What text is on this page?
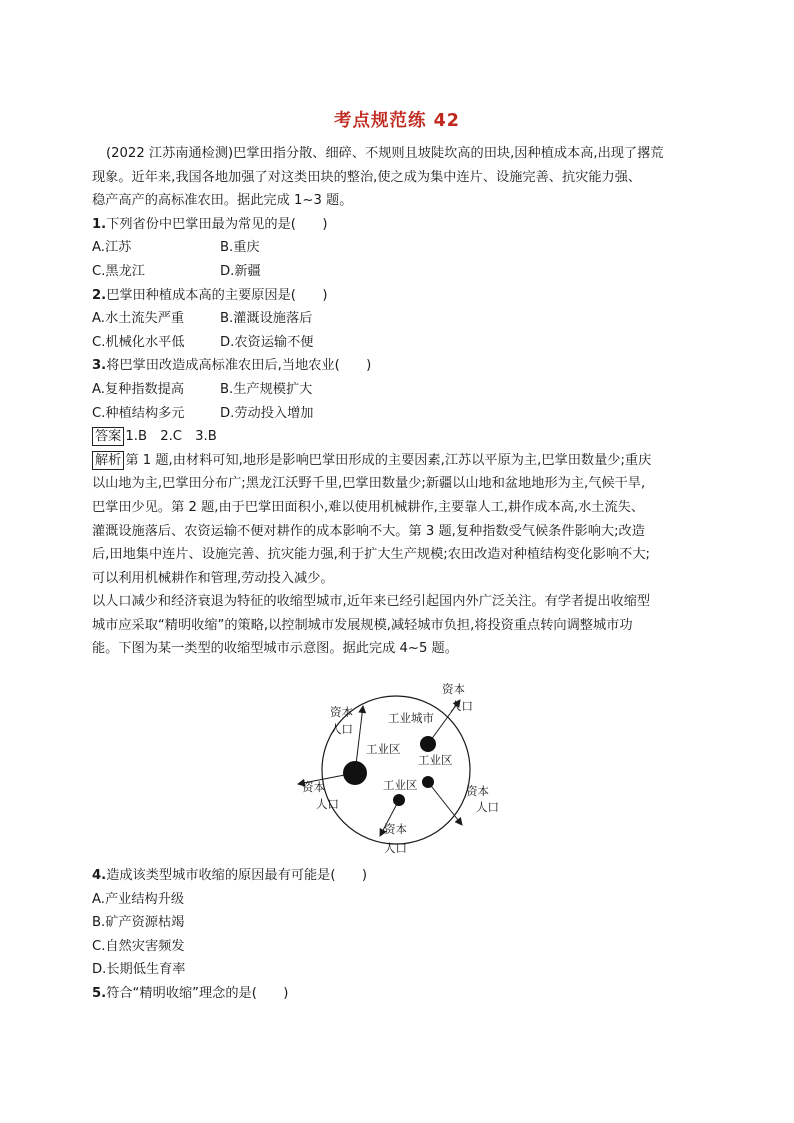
考点规范练 42
(2022 江苏南通检测)巴掌田指分散、细碎、不规则且坡陡坎高的田块,因种植成本高,出现了撂荒
现象。近年来,我国各地加强了对这类田块的整治,使之成为集中连片、设施完善、抗灾能力强、
稳产高产的高标准农田。据此完成 1~3 题。
1.下列省份中巴掌田最为常见的是(　　)
A.江苏	B.重庆
C.黑龙江	D.新疆
2.巴掌田种植成本高的主要原因是(　　)
A.水土流失严重	B.灌溉设施落后
C.机械化水平低	D.农资运输不便
3.将巴掌田改造成高标准农田后,当地农业(　　)
A.复种指数提高	B.生产规模扩大
C.种植结构多元	D.劳动投入增加
答案 1.B　2.C　3.B
解析 第 1 题,由材料可知,地形是影响巴掌田形成的主要因素,江苏以平原为主,巴掌田数量少;重庆
以山地为主,巴掌田分布广;黑龙江沃野千里,巴掌田数量少;新疆以山地和盆地地形为主,气候干旱,
巴掌田少见。第 2 题,由于巴掌田面积小,难以使用机械耕作,主要靠人工,耕作成本高,水土流失、
灌溉设施落后、农资运输不便对耕作的成本影响不大。第 3 题,复种指数受气候条件影响大;改造
后,田地集中连片、设施完善、抗灾能力强,利于扩大生产规模;农田改造对种植结构变化影响不大;
可以利用机械耕作和管理,劳动投入减少。
以人口减少和经济衰退为特征的收缩型城市,近年来已经引起国内外广泛关注。有学者提出收缩型
城市应采取“精明收缩”的策略,以控制城市发展规模,减轻城市负担,将投资重点转向调整城市功
能。下图为某一类型的收缩型城市示意图。据此完成 4~5 题。
工业城市
工业区
工业区
工业区
资本
人口
资本
人口
资本
人口
资本
人口
资本
人口
4.造成该类型城市收缩的原因最有可能是(　　)
A.产业结构升级
B.矿产资源枯竭
C.自然灾害频发
D.长期低生育率
5.符合“精明收缩”理念的是(　　)
